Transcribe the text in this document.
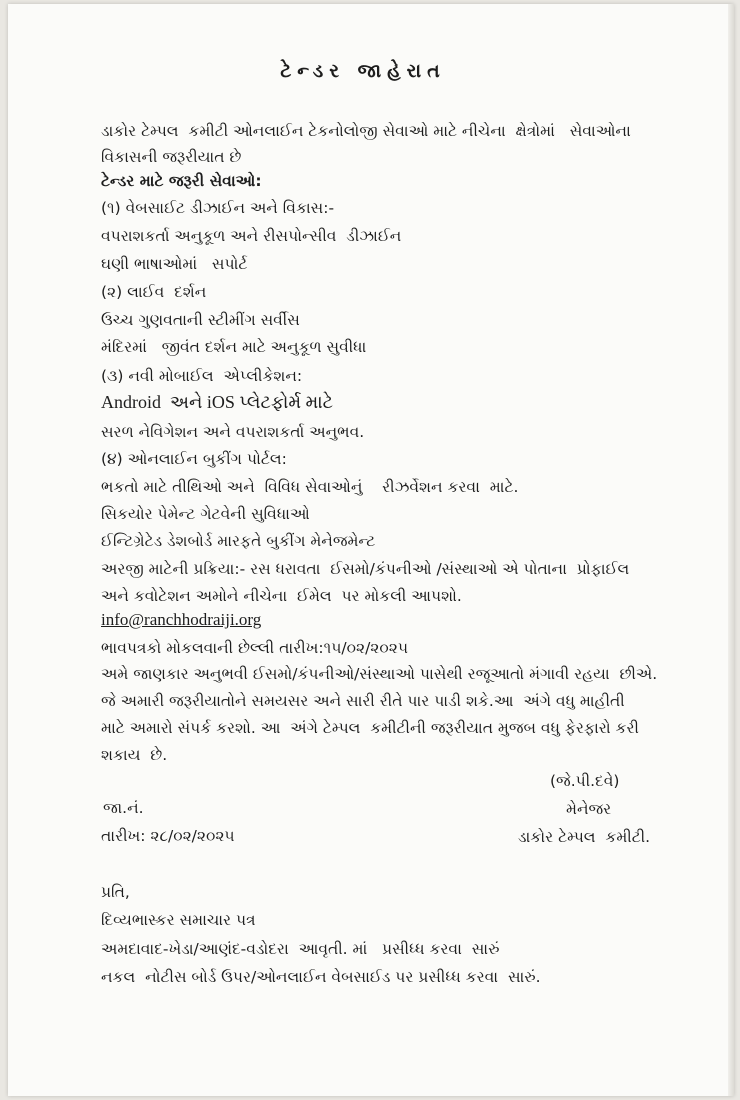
ટેન્ડર જાહેરાત
ડાકોર ટેમ્પલ  કમીટી ઓનલાઈન ટેકનોલોજી સેવાઓ માટે નીચેના  ક્ષેત્રોમાં   સેવાઓના
વિકાસની જરૂરીયાત છે
ટેન્ડર માટે જરૂરી સેવાઓ:
(૧) વેબસાઈટ ડીઝાઈન અને વિકાસ:-
વપરાશકર્તા અનુકૂળ અને રીસપોન્સીવ  ડીઝાઈન
ઘણી ભાષાઓમાં   સપોર્ટ
(૨) લાઈવ  દર્શન
ઉચ્ચ ગુણવતાની સ્ટીમીંગ સર્વીસ
મંદિરમાં   જીવંત દર્શન માટે અનુકૂળ સુવીધા
(૩) નવી મોબાઈલ  એપ્લીકેશન:
Android  અને iOS પ્લેટફોર્મ માટે
સરળ નેવિગેશન અને વપરાશકર્તા અનુભવ.
(૪) ઓનલાઈન બુકીંગ પોર્ટલ:
ભકતો માટે તીથિઓ અને  વિવિધ સેવાઓનું    રીઝર્વેશન કરવા  માટે.
સિકયોર પેમેન્ટ ગેટવેની સુવિધાઓ
ઈન્ટિગ્રેટેડ ડેશબોર્ડ મારફતે બુકીંગ મેનેજમેન્ટ
અરજી માટેની પ્રક્રિયા:- રસ ધરાવતા  ઈસમો/કંપનીઓ /સંસ્થાઓ એ પોતાના  પ્રોફાઈલ
અને કવોટેશન અમોને નીચેના  ઈમેલ  પર મોકલી આપશો.
info@ranchhodraiji.org
ભાવપત્રકો મોકલવાની છેલ્લી તારીખ:૧૫/૦૨/૨૦૨૫
અમે જાણકાર અનુભવી ઈસમો/કંપનીઓ/સંસ્થાઓ પાસેથી રજૂઆતો મંગાવી રહયા  છીએ.
જે અમારી જરૂરીયાતોને સમયસર અને સારી રીતે પાર પાડી શકે.આ  અંગે વધુ માહીતી
માટે અમારો સંપર્ક કરશો. આ  અંગે ટેમ્પલ  કમીટીની જરૂરીયાત મુજબ વધુ ફેરફારો કરી
શકાય  છે.
(જે.પી.દવે)
મેનેજર
ડાકોર ટેમ્પલ  કમીટી.
જા.નં.
તારીખ: ૨૮/૦૨/૨૦૨૫
પ્રતિ,
દિવ્યભાસ્કર સમાચાર પત્ર
અમદાવાદ-ખેડા/આણંદ-વડોદરા  આવૃતી. માં   પ્રસીધ્ધ કરવા  સારું
નકલ  નોટીસ બોર્ડ ઉપર/ઓનલાઈન વેબસાઈડ પર પ્રસીધ્ધ કરવા  સારું.
